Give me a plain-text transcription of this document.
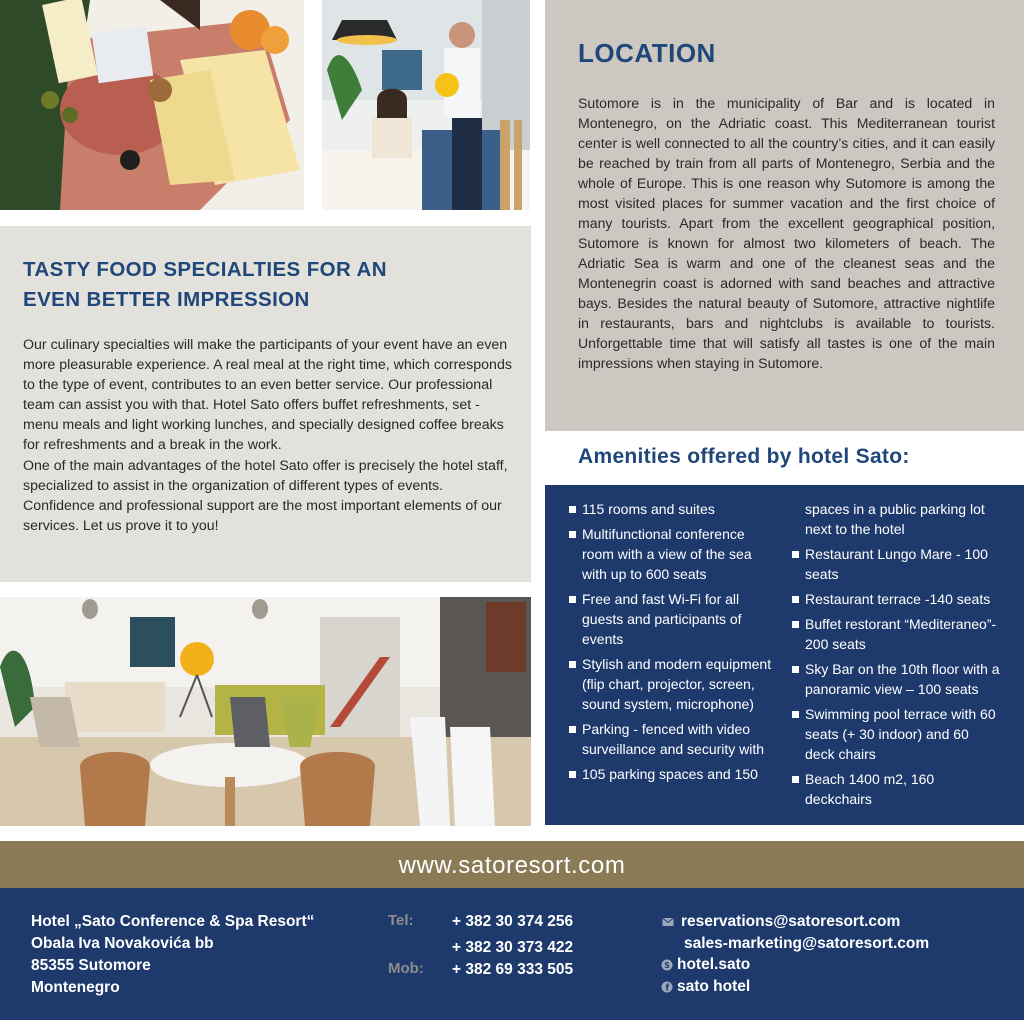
TASTY FOOD SPECIALTIES FOR AN
EVEN BETTER IMPRESSION
Our culinary specialties will make the participants of your event have an even more pleasurable experience. A real meal at the right time, which corresponds to the type of event, contributes to an even better service. Our professional team can assist you with that. Hotel Sato offers buffet refreshments, set - menu meals and light working lunches, and specially designed coffee breaks for refreshments and a break in the work.
One of the main advantages of the hotel Sato offer is precisely the hotel staff, specialized to assist in the organization of different types of events. Confidence and professional support are the most important elements of our services. Let us prove it to you!
LOCATION

Sutomore is in the municipality of Bar and is located in Montenegro, on the Adriatic coast. This Mediterranean tourist center is well connected to all the country’s cities, and it can easily be reached by train from all parts of Montenegro, Serbia and the whole of Europe. This is one reason why Sutomore is among the most visited places for summer vacation and the first choice of many tourists. Apart from the excellent geographical position, Sutomore is known for almost two kilometers of beach. The Adriatic Sea is warm and one of the cleanest seas and the Montenegrin coast is adorned with sand beaches and attractive bays. Besides the natural beauty of Sutomore, attractive nightlife in restaurants, bars and nightclubs is available to tourists. Unforgettable time that will satisfy all tastes is one of the main impressions when staying in Sutomore.

Amenities offered by hotel Sato:
115 rooms and suites
Multifunctional conference room with a view of the sea with up to 600 seats
Free and fast Wi-Fi for all guests and participants of events
Stylish and modern equipment (flip chart, projector, screen, sound system, microphone)
Parking - fenced with video surveillance and security with
105 parking spaces and 150
spaces in a public parking lot next to the hotel
Restaurant Lungo Mare - 100 seats
Restaurant terrace -140 seats
Buffet restorant “Mediteraneo”- 200 seats
Sky Bar on the 10th floor with a panoramic view – 100 seats
Swimming pool terrace with 60 seats (+ 30 indoor) and 60 deck chairs
Beach 1400 m2, 160 deckchairs
www.satoresort.com
Hotel „Sato Conference & Spa Resort“
Obala Iva Novakovića bb
85355 Sutomore
Montenegro
Tel:
Mob:
+ 382 30 374 256
+ 382 30 373 422
+ 382 69 333 505
reservations@satoresort.com
sales-marketing@satoresort.com
S hotel.sato
f sato hotel
